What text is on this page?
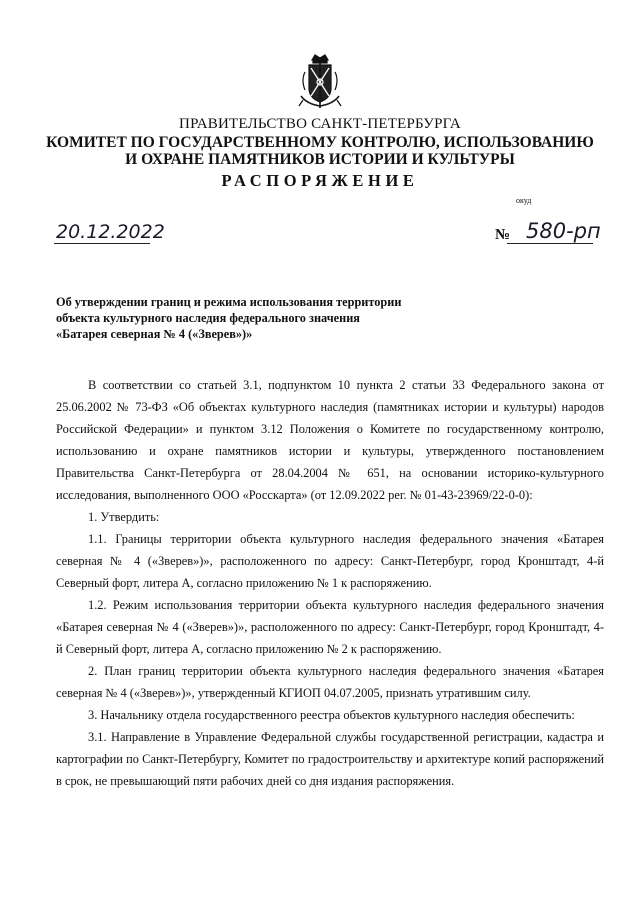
ПРАВИТЕЛЬСТВО САНКТ-ПЕТЕРБУРГА
КОМИТЕТ ПО ГОСУДАРСТВЕННОМУ КОНТРОЛЮ, ИСПОЛЬЗОВАНИЮ
И ОХРАНЕ ПАМЯТНИКОВ ИСТОРИИ И КУЛЬТУРЫ
РАСПОРЯЖЕНИЕ
окуд
20.12.2022	№ 580-рп
Об утверждении границ и режима использования территории
объекта культурного наследия федерального значения
«Батарея северная № 4 («Зверев»)»

В соответствии со статьей 3.1, подпунктом 10 пункта 2 статьи 33 Федерального закона от 25.06.2002 № 73-ФЗ «Об объектах культурного наследия (памятниках истории и культуры) народов Российской Федерации» и пунктом 3.12 Положения о Комитете по государственному контролю, использованию и охране памятников истории и культуры, утвержденного постановлением Правительства Санкт-Петербурга от 28.04.2004 № 651, на основании историко-культурного исследования, выполненного ООО «Росскарта» (от 12.09.2022 рег. № 01-43-23969/22-0-0):

1. Утвердить:

1.1. Границы территории объекта культурного наследия федерального значения «Батарея северная № 4 («Зверев»)», расположенного по адресу: Санкт-Петербург, город Кронштадт, 4-й Северный форт, литера А, согласно приложению № 1 к распоряжению.

1.2. Режим использования территории объекта культурного наследия федерального значения «Батарея северная № 4 («Зверев»)», расположенного по адресу: Санкт-Петербург, город Кронштадт, 4-й Северный форт, литера А, согласно приложению № 2 к распоряжению.

2. План границ территории объекта культурного наследия федерального значения «Батарея северная № 4 («Зверев»)», утвержденный КГИОП 04.07.2005, признать утратившим силу.

3. Начальнику отдела государственного реестра объектов культурного наследия обеспечить:

3.1. Направление в Управление Федеральной службы государственной регистрации, кадастра и картографии по Санкт-Петербургу, Комитет по градостроительству и архитектуре копий распоряжений в срок, не превышающий пяти рабочих дней со дня издания распоряжения.
